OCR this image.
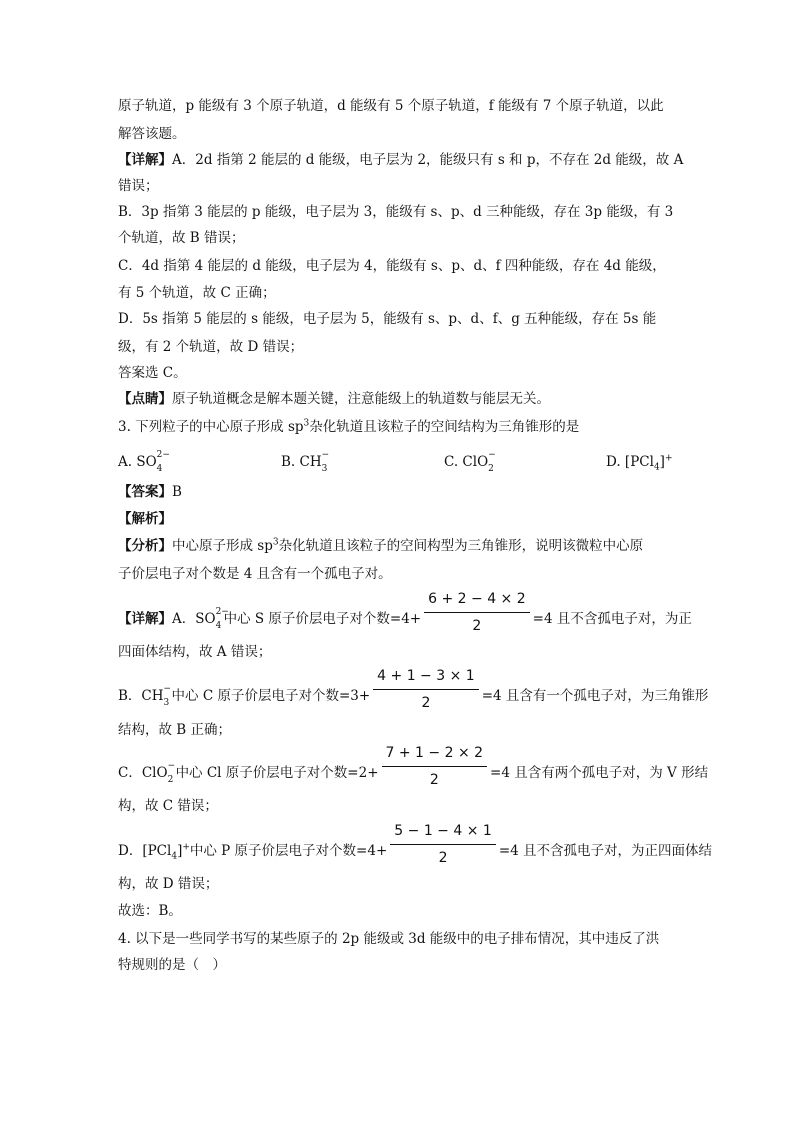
原子轨道，p 能级有 3 个原子轨道，d 能级有 5 个原子轨道，f 能级有 7 个原子轨道，以此
解答该题。
【详解】A．2d 指第 2 能层的 d 能级，电子层为 2，能级只有 s 和 p，不存在 2d 能级，故 A
错误；
B．3p 指第 3 能层的 p 能级，电子层为 3，能级有 s、p、d 三种能级，存在 3p 能级，有 3
个轨道，故 B 错误；
C．4d 指第 4 能层的 d 能级，电子层为 4，能级有 s、p、d、f 四种能级，存在 4d 能级，
有 5 个轨道，故 C 正确；
D．5s 指第 5 能层的 s 能级，电子层为 5，能级有 s、p、d、f、g 五种能级，存在 5s 能
级，有 2 个轨道，故 D 错误；
答案选 C。
【点睛】原子轨道概念是解本题关键，注意能级上的轨道数与能层无关。
3. 下列粒子的中心原子形成 $sp^3$杂化轨道且该粒子的空间结构为三角锥形的是
A. SO 2−
4	B. CH −
3	C. ClO −
2	D. [PCl$_4$]+
【答案】B
【解析】
【分析】中心原子形成 $sp^3$杂化轨道且该粒子的空间构型为三角锥形，说明该微粒中心原
子价层电子对个数是 4 且含有一个孤电子对。
【详解】A．SO 2−
4 中心 S 原子价层电子对个数$=4+ \frac{6 + 2 - 4 \times 2}{2} =4$ 且不含孤电子对，为正
四面体结构，故 A 错误；
B．CH −
3 中心 C 原子价层电子对个数$=3+ \frac{4 + 1 - 3 \times 1}{2} =4$ 且含有一个孤电子对，为三角锥形
结构，故 B 正确；
C．ClO −
2 中心 Cl 原子价层电子对个数$=2+ \frac{7 + 1 - 2 \times 2}{2} =4$ 且含有两个孤电子对，为 V 形结
构，故 C 错误；
D．[PCl$_4$]+中心 P 原子价层电子对个数$=4+ \frac{5 - 1 - 4 \times 1}{2} =4$ 且不含孤电子对，为正四面体结
构，故 D 错误；
故选：B。
4. 以下是一些同学书写的某些原子的 2p 能级或 3d 能级中的电子排布情况，其中违反了洪
特规则的是（　）
